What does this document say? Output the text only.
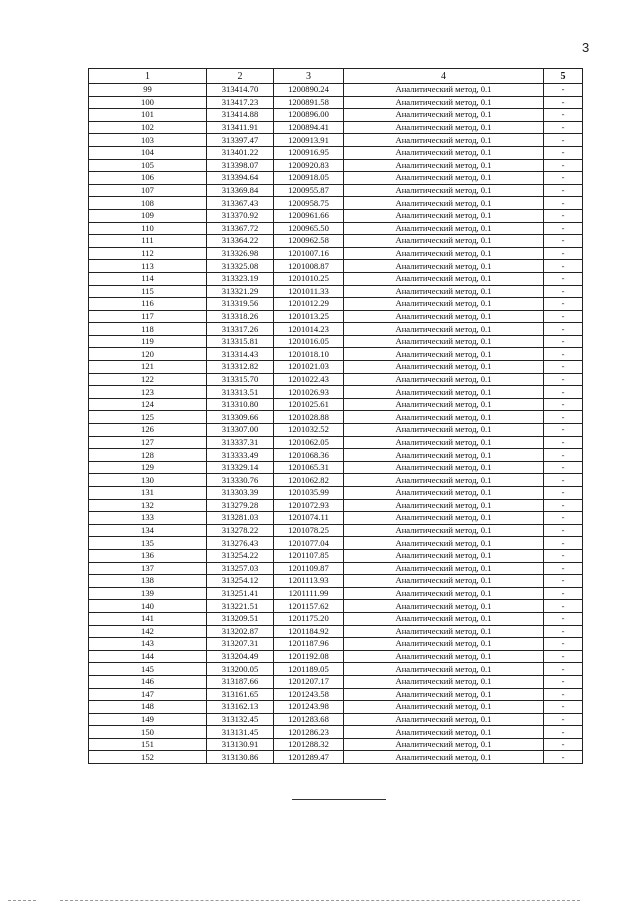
3
1	2	3	4	5
99	313414.70	1200890.24	Аналитический метод, 0.1	-
100	313417.23	1200891.58	Аналитический метод, 0.1	-
101	313414.88	1200896.00	Аналитический метод, 0.1	-
102	313411.91	1200894.41	Аналитический метод, 0.1	-
103	313397.47	1200913.91	Аналитический метод, 0.1	-
104	313401.22	1200916.95	Аналитический метод, 0.1	-
105	313398.07	1200920.83	Аналитический метод, 0.1	-
106	313394.64	1200918.05	Аналитический метод, 0.1	-
107	313369.84	1200955.87	Аналитический метод, 0.1	-
108	313367.43	1200958.75	Аналитический метод, 0.1	-
109	313370.92	1200961.66	Аналитический метод, 0.1	-
110	313367.72	1200965.50	Аналитический метод, 0.1	-
111	313364.22	1200962.58	Аналитический метод, 0.1	-
112	313326.98	1201007.16	Аналитический метод, 0.1	-
113	313325.08	1201008.87	Аналитический метод, 0.1	-
114	313323.19	1201010.25	Аналитический метод, 0.1	-
115	313321.29	1201011.33	Аналитический метод, 0.1	-
116	313319.56	1201012.29	Аналитический метод, 0.1	-
117	313318.26	1201013.25	Аналитический метод, 0.1	-
118	313317.26	1201014.23	Аналитический метод, 0.1	-
119	313315.81	1201016.05	Аналитический метод, 0.1	-
120	313314.43	1201018.10	Аналитический метод, 0.1	-
121	313312.82	1201021.03	Аналитический метод, 0.1	-
122	313315.70	1201022.43	Аналитический метод, 0.1	-
123	313313.51	1201026.93	Аналитический метод, 0.1	-
124	313310.80	1201025.61	Аналитический метод, 0.1	-
125	313309.66	1201028.88	Аналитический метод, 0.1	-
126	313307.00	1201032.52	Аналитический метод, 0.1	-
127	313337.31	1201062.05	Аналитический метод, 0.1	-
128	313333.49	1201068.36	Аналитический метод, 0.1	-
129	313329.14	1201065.31	Аналитический метод, 0.1	-
130	313330.76	1201062.82	Аналитический метод, 0.1	-
131	313303.39	1201035.99	Аналитический метод, 0.1	-
132	313279.28	1201072.93	Аналитический метод, 0.1	-
133	313281.03	1201074.11	Аналитический метод, 0.1	-
134	313278.22	1201078.25	Аналитический метод, 0.1	-
135	313276.43	1201077.04	Аналитический метод, 0.1	-
136	313254.22	1201107.85	Аналитический метод, 0.1	-
137	313257.03	1201109.87	Аналитический метод, 0.1	-
138	313254.12	1201113.93	Аналитический метод, 0.1	-
139	313251.41	1201111.99	Аналитический метод, 0.1	-
140	313221.51	1201157.62	Аналитический метод, 0.1	-
141	313209.51	1201175.20	Аналитический метод, 0.1	-
142	313202.87	1201184.92	Аналитический метод, 0.1	-
143	313207.31	1201187.96	Аналитический метод, 0.1	-
144	313204.49	1201192.08	Аналитический метод, 0.1	-
145	313200.05	1201189.05	Аналитический метод, 0.1	-
146	313187.66	1201207.17	Аналитический метод, 0.1	-
147	313161.65	1201243.58	Аналитический метод, 0.1	-
148	313162.13	1201243.98	Аналитический метод, 0.1	-
149	313132.45	1201283.68	Аналитический метод, 0.1	-
150	313131.45	1201286.23	Аналитический метод, 0.1	-
151	313130.91	1201288.32	Аналитический метод, 0.1	-
152	313130.86	1201289.47	Аналитический метод, 0.1	-
